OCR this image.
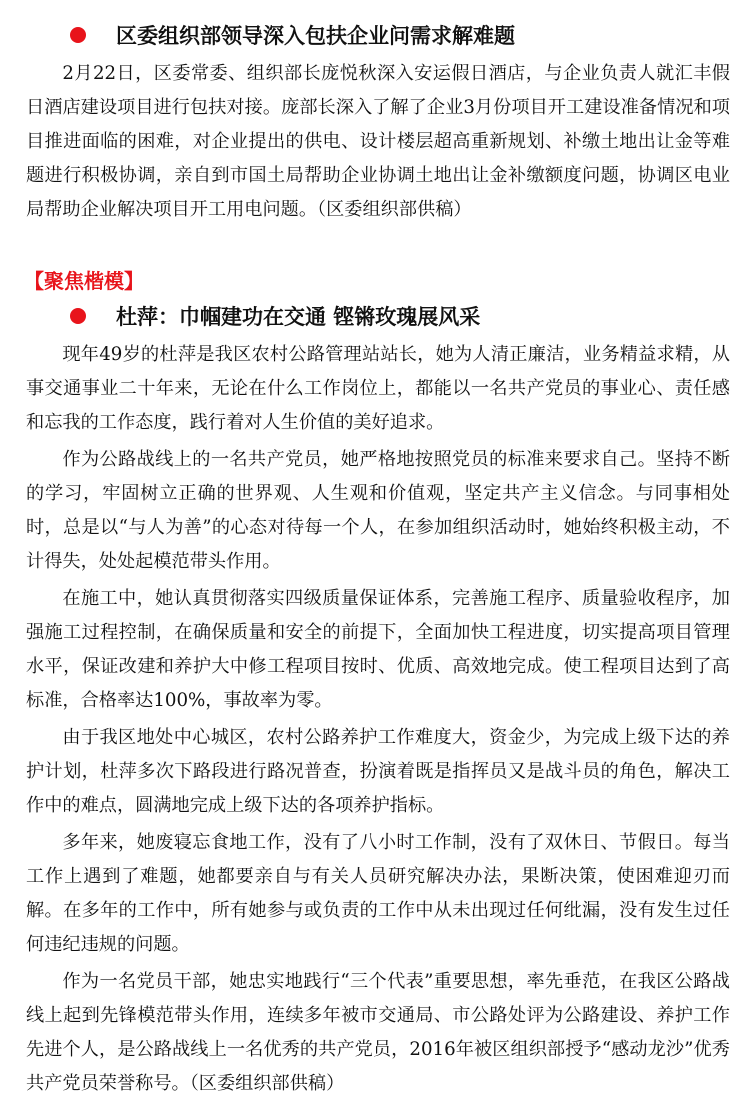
区委组织部领导深入包扶企业问需求解难题

2月22日，区委常委、组织部长庞悦秋深入安运假日酒店，与企业负责人就汇丰假日酒店建设项目进行包扶对接。庞部长深入了解了企业3月份项目开工建设准备情况和项目推进面临的困难，对企业提出的供电、设计楼层超高重新规划、补缴土地出让金等难题进行积极协调，亲自到市国土局帮助企业协调土地出让金补缴额度问题，协调区电业局帮助企业解决项目开工用电问题。（区委组织部供稿）

【聚焦楷模】
杜萍：巾帼建功在交通 铿锵玫瑰展风采

现年49岁的杜萍是我区农村公路管理站站长，她为人清正廉洁，业务精益求精，从事交通事业二十年来，无论在什么工作岗位上，都能以一名共产党员的事业心、责任感和忘我的工作态度，践行着对人生价值的美好追求。

作为公路战线上的一名共产党员，她严格地按照党员的标准来要求自己。坚持不断的学习，牢固树立正确的世界观、人生观和价值观，坚定共产主义信念。与同事相处时，总是以“与人为善”的心态对待每一个人，在参加组织活动时，她始终积极主动，不计得失，处处起模范带头作用。

在施工中，她认真贯彻落实四级质量保证体系，完善施工程序、质量验收程序，加强施工过程控制，在确保质量和安全的前提下，全面加快工程进度，切实提高项目管理水平，保证改建和养护大中修工程项目按时、优质、高效地完成。使工程项目达到了高标准，合格率达100%，事故率为零。

由于我区地处中心城区，农村公路养护工作难度大，资金少，为完成上级下达的养护计划，杜萍多次下路段进行路况普查，扮演着既是指挥员又是战斗员的角色，解决工作中的难点，圆满地完成上级下达的各项养护指标。

多年来，她废寝忘食地工作，没有了八小时工作制，没有了双休日、节假日。每当工作上遇到了难题，她都要亲自与有关人员研究解决办法，果断决策，使困难迎刃而解。在多年的工作中，所有她参与或负责的工作中从未出现过任何纰漏，没有发生过任何违纪违规的问题。

作为一名党员干部，她忠实地践行“三个代表”重要思想，率先垂范，在我区公路战线上起到先锋模范带头作用，连续多年被市交通局、市公路处评为公路建设、养护工作先进个人，是公路战线上一名优秀的共产党员，2016年被区组织部授予“感动龙沙”优秀共产党员荣誉称号。（区委组织部供稿）
